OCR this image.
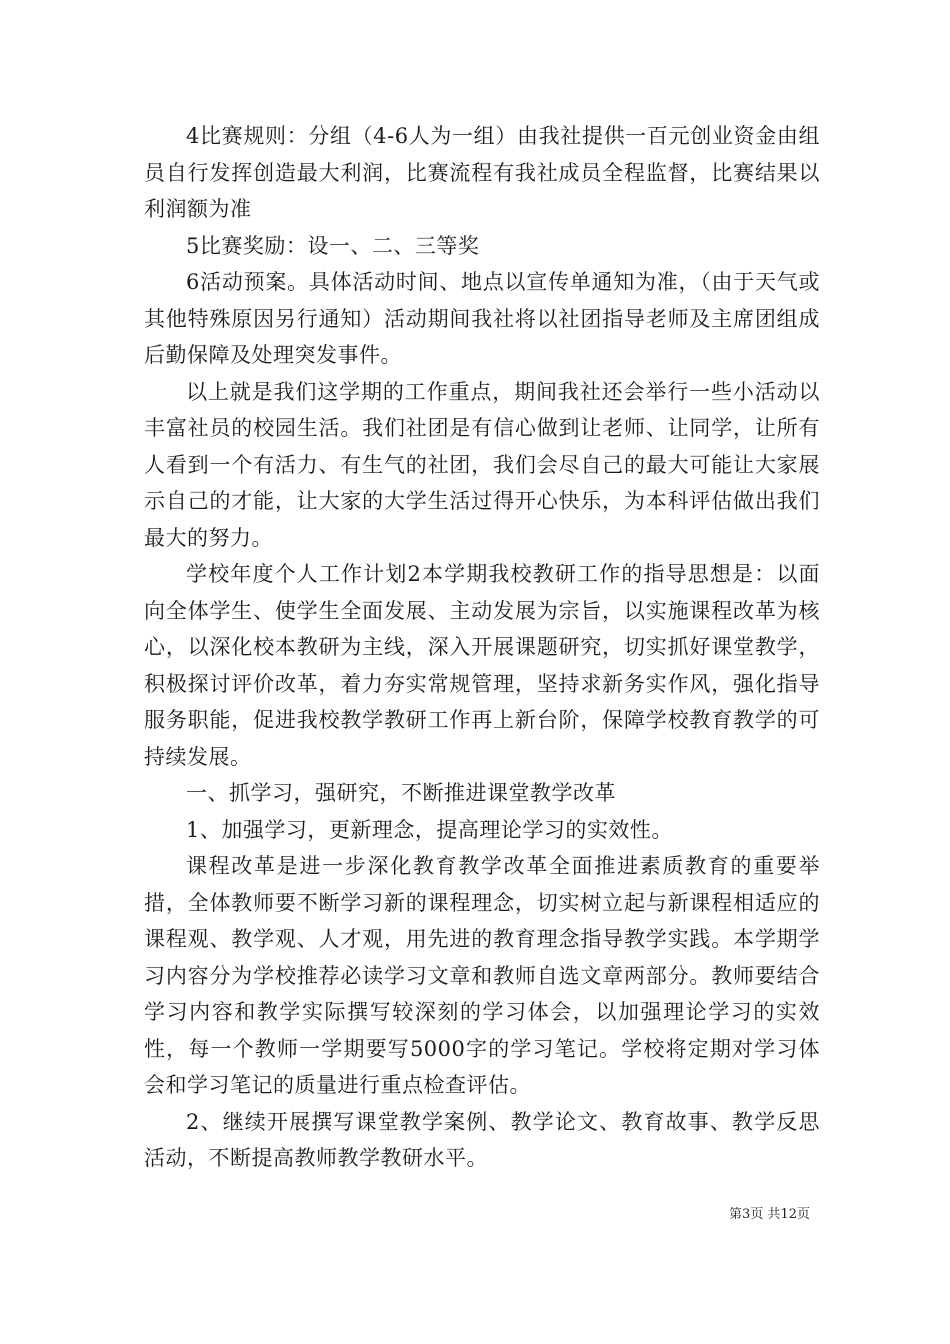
4比赛规则：分组（4-6人为一组）由我社提供一百元创业资金由组员自行发挥创造最大利润，比赛流程有我社成员全程监督，比赛结果以利润额为准

5比赛奖励：设一、二、三等奖

6活动预案。具体活动时间、地点以宣传单通知为准，（由于天气或其他特殊原因另行通知）活动期间我社将以社团指导老师及主席团组成后勤保障及处理突发事件。

以上就是我们这学期的工作重点，期间我社还会举行一些小活动以丰富社员的校园生活。我们社团是有信心做到让老师、让同学，让所有人看到一个有活力、有生气的社团，我们会尽自己的最大可能让大家展示自己的才能，让大家的大学生活过得开心快乐，为本科评估做出我们最大的努力。

学校年度个人工作计划2本学期我校教研工作的指导思想是：以面向全体学生、使学生全面发展、主动发展为宗旨，以实施课程改革为核心，以深化校本教研为主线，深入开展课题研究，切实抓好课堂教学，积极探讨评价改革，着力夯实常规管理，坚持求新务实作风，强化指导服务职能，促进我校教学教研工作再上新台阶，保障学校教育教学的可持续发展。

一、抓学习，强研究，不断推进课堂教学改革

1、加强学习，更新理念，提高理论学习的实效性。

课程改革是进一步深化教育教学改革全面推进素质教育的重要举措，全体教师要不断学习新的课程理念，切实树立起与新课程相适应的课程观、教学观、人才观，用先进的教育理念指导教学实践。本学期学习内容分为学校推荐必读学习文章和教师自选文章两部分。教师要结合学习内容和教学实际撰写较深刻的学习体会，以加强理论学习的实效性，每一个教师一学期要写5000字的学习笔记。学校将定期对学习体会和学习笔记的质量进行重点检查评估。

2、继续开展撰写课堂教学案例、教学论文、教育故事、教学反思活动，不断提高教师教学教研水平。

第3页 共12页
